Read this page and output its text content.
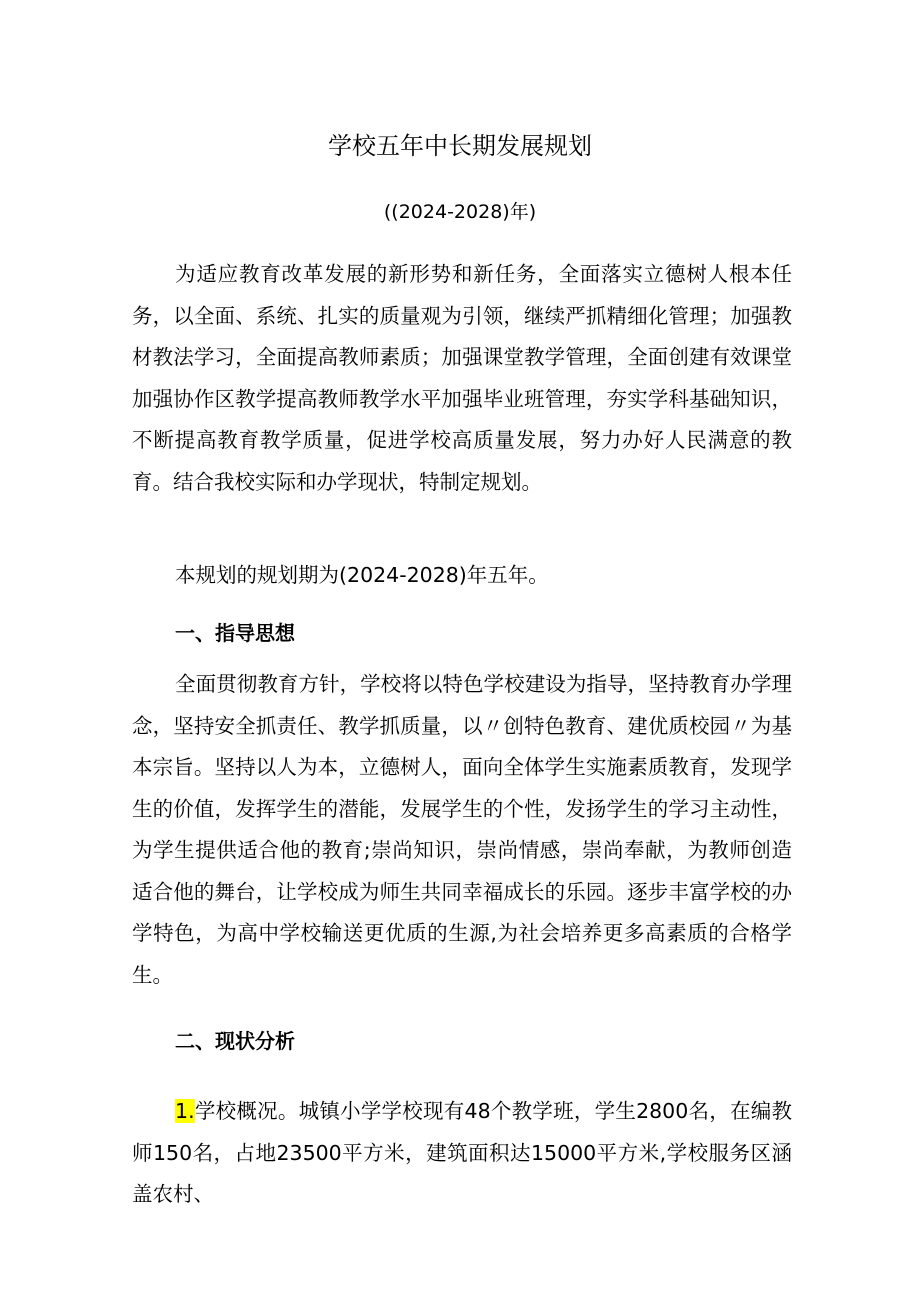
学校五年中长期发展规划
((2024-2028)年)

为适应教育改革发展的新形势和新任务，全面落实立德树人根本任务，以全面、系统、扎实的质量观为引领，继续严抓精细化管理；加强教材教法学习，全面提高教师素质；加强课堂教学管理，全面创建有效课堂加强协作区教学提高教师教学水平加强毕业班管理，夯实学科基础知识，不断提高教育教学质量，促进学校高质量发展，努力办好人民满意的教育。结合我校实际和办学现状，特制定规划。

本规划的规划期为(2024-2028)年五年。

一、指导思想

全面贯彻教育方针，学校将以特色学校建设为指导，坚持教育办学理念，坚持安全抓责任、教学抓质量，以〃创特色教育、建优质校园〃为基本宗旨。坚持以人为本，立德树人，面向全体学生实施素质教育，发现学生的价值，发挥学生的潜能，发展学生的个性，发扬学生的学习主动性，为学生提供适合他的教育;崇尚知识，崇尚情感，崇尚奉献，为教师创造适合他的舞台，让学校成为师生共同幸福成长的乐园。逐步丰富学校的办学特色，为高中学校输送更优质的生源,为社会培养更多高素质的合格学生。

二、现状分析

1.学校概况。城镇小学学校现有48个教学班，学生2800名，在编教师150名，占地23500平方米，建筑面积达15000平方米,学校服务区涵盖农村、
